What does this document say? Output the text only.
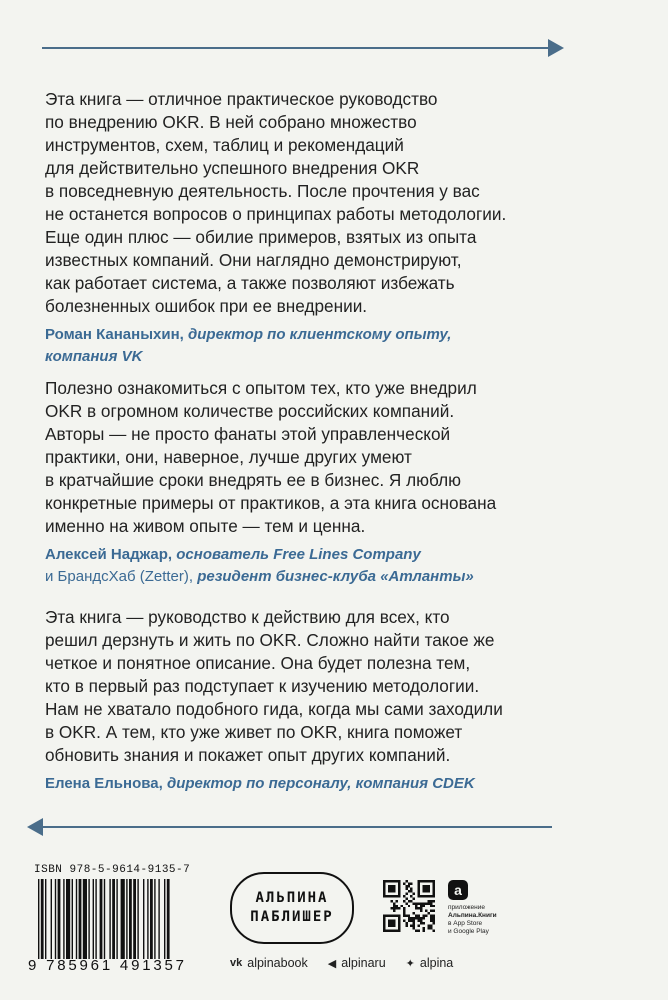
Эта книга — отличное практическое руководство
по внедрению OKR. В ней собрано множество
инструментов, схем, таблиц и рекомендаций
для действительно успешного внедрения OKR
в повседневную деятельность. После прочтения у вас
не останется вопросов о принципах работы методологии.
Еще один плюс — обилие примеров, взятых из опыта
известных компаний. Они наглядно демонстрируют,
как работает система, а также позволяют избежать
болезненных ошибок при ее внедрении.

Роман Кананыхин, директор по клиентскому опыту,
компания VK

Полезно ознакомиться с опытом тех, кто уже внедрил
OKR в огромном количестве российских компаний.
Авторы — не просто фанаты этой управленческой
практики, они, наверное, лучше других умеют
в кратчайшие сроки внедрять ее в бизнес. Я люблю
конкретные примеры от практиков, а эта книга основана
именно на живом опыте — тем и ценна.

Алексей Наджар, основатель Free Lines Company
и БрандсХаб (Zetter), резидент бизнес-клуба «Атланты»

Эта книга — руководство к действию для всех, кто
решил дерзнуть и жить по OKR. Сложно найти такое же
четкое и понятное описание. Она будет полезна тем,
кто в первый раз подступает к изучению методологии.
Нам не хватало подобного гида, когда мы сами заходили
в OKR. А тем, кто уже живет по OKR, книга поможет
обновить знания и покажет опыт других компаний.

Елена Ельнова, директор по персоналу, компания CDEK
ISBN 978-5-9614-9135-7
9 785961 491357
АЛЬПИНА
ПАБЛИШЕР
a
приложение
Альпина.Книги
в App Store
и Google Play
vk alpinabook ◀ alpinaru ✦ alpina
